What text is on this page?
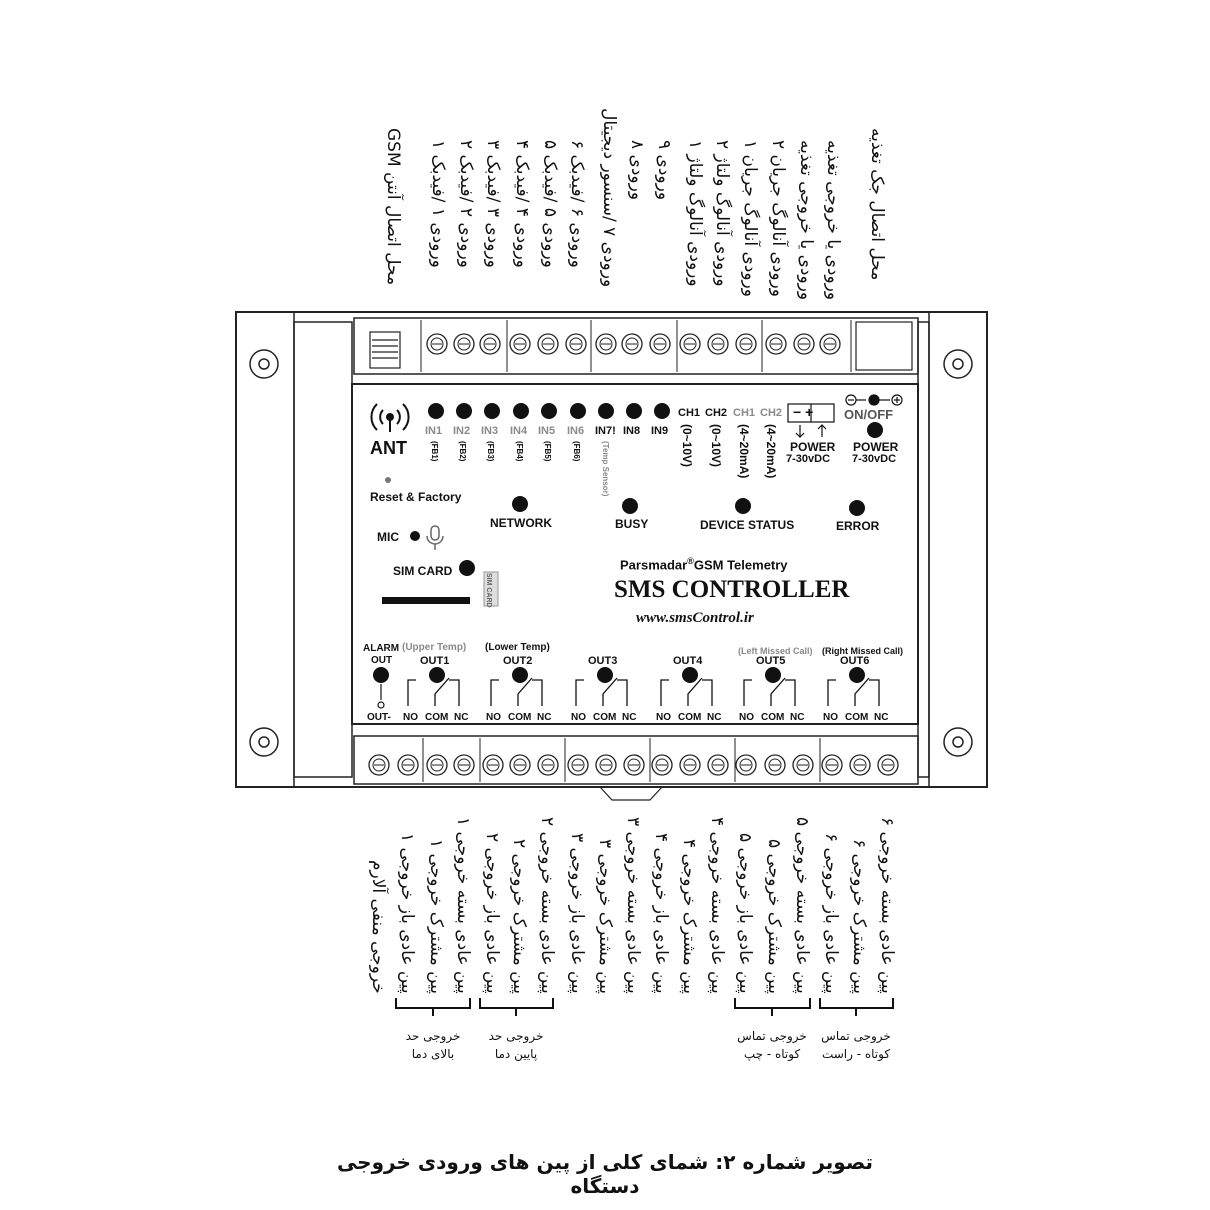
محل اتصال آنتن GSM
ورودی ۱ /فیدبک ۱
ورودی ۲ /فیدبک ۲
ورودی ۳ /فیدبک ۳
ورودی ۴ /فیدبک ۴
ورودی ۵ /فیدبک ۵
ورودی ۶ /فیدبک ۶
ورودی ۷ /سنسور دیجیتال
ورودی ۸
ورودی ۹
ورودی آنالوگ ولتاژ ۱
ورودی آنالوگ ولتاژ ۲
ورودی آنالوگ جریان ۱
ورودی آنالوگ جریان ۲ ورودی یا خروجی تغذیه ورودی یا خروجی تغذیه محل اتصال جک تغذیه
خروجی منفی آلارم
پین عادی باز خروجی ۱ پین مشترک خروجی ۱
پین عادی بسته خروجی ۱ پین عادی باز خروجی ۲ پین مشترک خروجی ۲
پین عادی بسته خروجی ۲ پین عادی باز خروجی ۳ پین مشترک خروجی ۳
پین عادی بسته خروجی ۳ پین عادی باز خروجی ۴ پین مشترک خروجی ۴
پین عادی بسته خروجی ۴ پین عادی باز خروجی ۵ پین مشترک خروجی ۵
پین عادی بسته خروجی ۵ پین عادی باز خروجی ۶ پین مشترک خروجی ۶
پین عادی بسته خروجی ۶
ANT
IN1 IN2 IN3 IN4 IN5 IN6 IN7! IN8 IN9
(FB1) (FB2) (FB3)	(FB4) (FB5)	(FB6)	(Temp Sensor)
CH1 CH2 CH1 CH2
(0~10V) (0~10V) (4~20mA) (4~20mA)
− +
POWER
7-30vDC
POWER
7-30vDC
ON/OFF
Reset & Factory
NETWORK	BUSY	DEVICE STATUS	ERROR
MIC
SIM CARD
SIM CARD
Parsmadar®GSM Telemetry
SMS CONTROLLER
www.smsControl.ir
ALARM
OUT
OUT-
(Upper Temp)
OUT1
NO COM NC
(Lower Temp)
OUT2
NO COM NC
OUT3
NO COM NC
OUT4
NO COM NC
(Left Missed Call)
OUT5
NO COM NC
(Right Missed Call)
OUT6
NO COM NC
خروجی حد
بالای دما
خروجی حد
پایین دما
خروجی تماس
کوتاه - چپ
خروجی تماس
کوتاه - راست
تصویر شماره ۲: شمای کلی از پین های ورودی خروجی دستگاه
